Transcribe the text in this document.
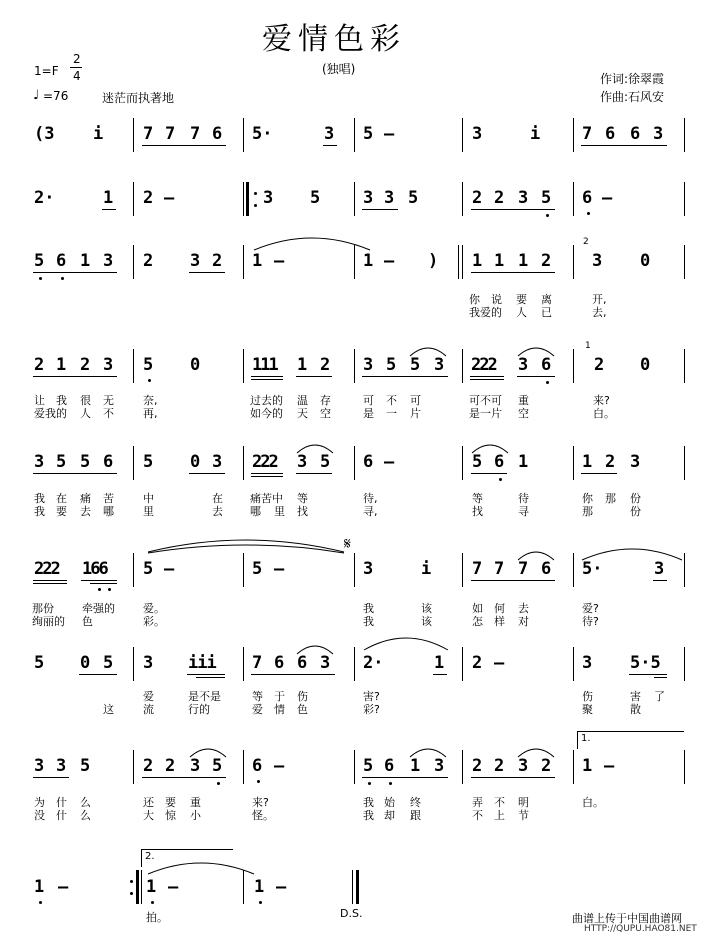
爱情色彩
(独唱)
1=F
2
4
♩ =76	迷茫而执著地
作词:徐翠霞
作曲:石风安
(3 i 7 7 7 6 5·	3 5 –	3	i 7 6 6 3
2·	1 2 –	3 5	3 3 5	2 2 3 5 6 –
5 6 1 3 2 3 2 1 –	1 – ) 1 1 1 2
2
3 0
你 说 要 离	开,
我爱的 人 已	去,
2 1 2 3 5 0	111 1 2 3 5 5 3 222 3 6
1
2 0
让 我 很 无	奈,	过去的 温 存	可 不 可	可不可 重	来?
爱我的 人 不	再,	如今的 天 空	是 一 片	是一片 空	白。
3 5 5 6 5 0 3 222 3 5 6 –	5 6 1	1 2 3
我 在 痛 苦	中	在 痛苦中 等	待,	等	待	你 那 份
我 要 去 哪	里	去 哪 里 找	寻,	找	寻	那	份
222 166 5 –	5 –
𝄋
3	i 7 7 7 6 5·	3
那份	牵强的	爱。	我	该	如 何 去	爱?
绚丽的 色	彩。	我	该	怎 样 对	待?
5 0 5 3 iii 7 6 6 3 2·	1 2 –	3 5·5
爱	是不是	等 于 伤	害?	伤	害 了
这	流	行的	爱 情 色	彩?	聚	散
3 3 5	2 2 3 5 6 –	5 6 1 3 2 2 3 2
1.
1 –
为 什 么	还 要 重	来?	我 始 终	弄 不 明	白。
没 什 么	大 惊 小	怪。	我 却 跟	不 上 节
1 –
2.
1 –	1 –
拍。	D.S.	曲谱上传于中国曲谱网
HTTP://QUPU.HAO81.NET
